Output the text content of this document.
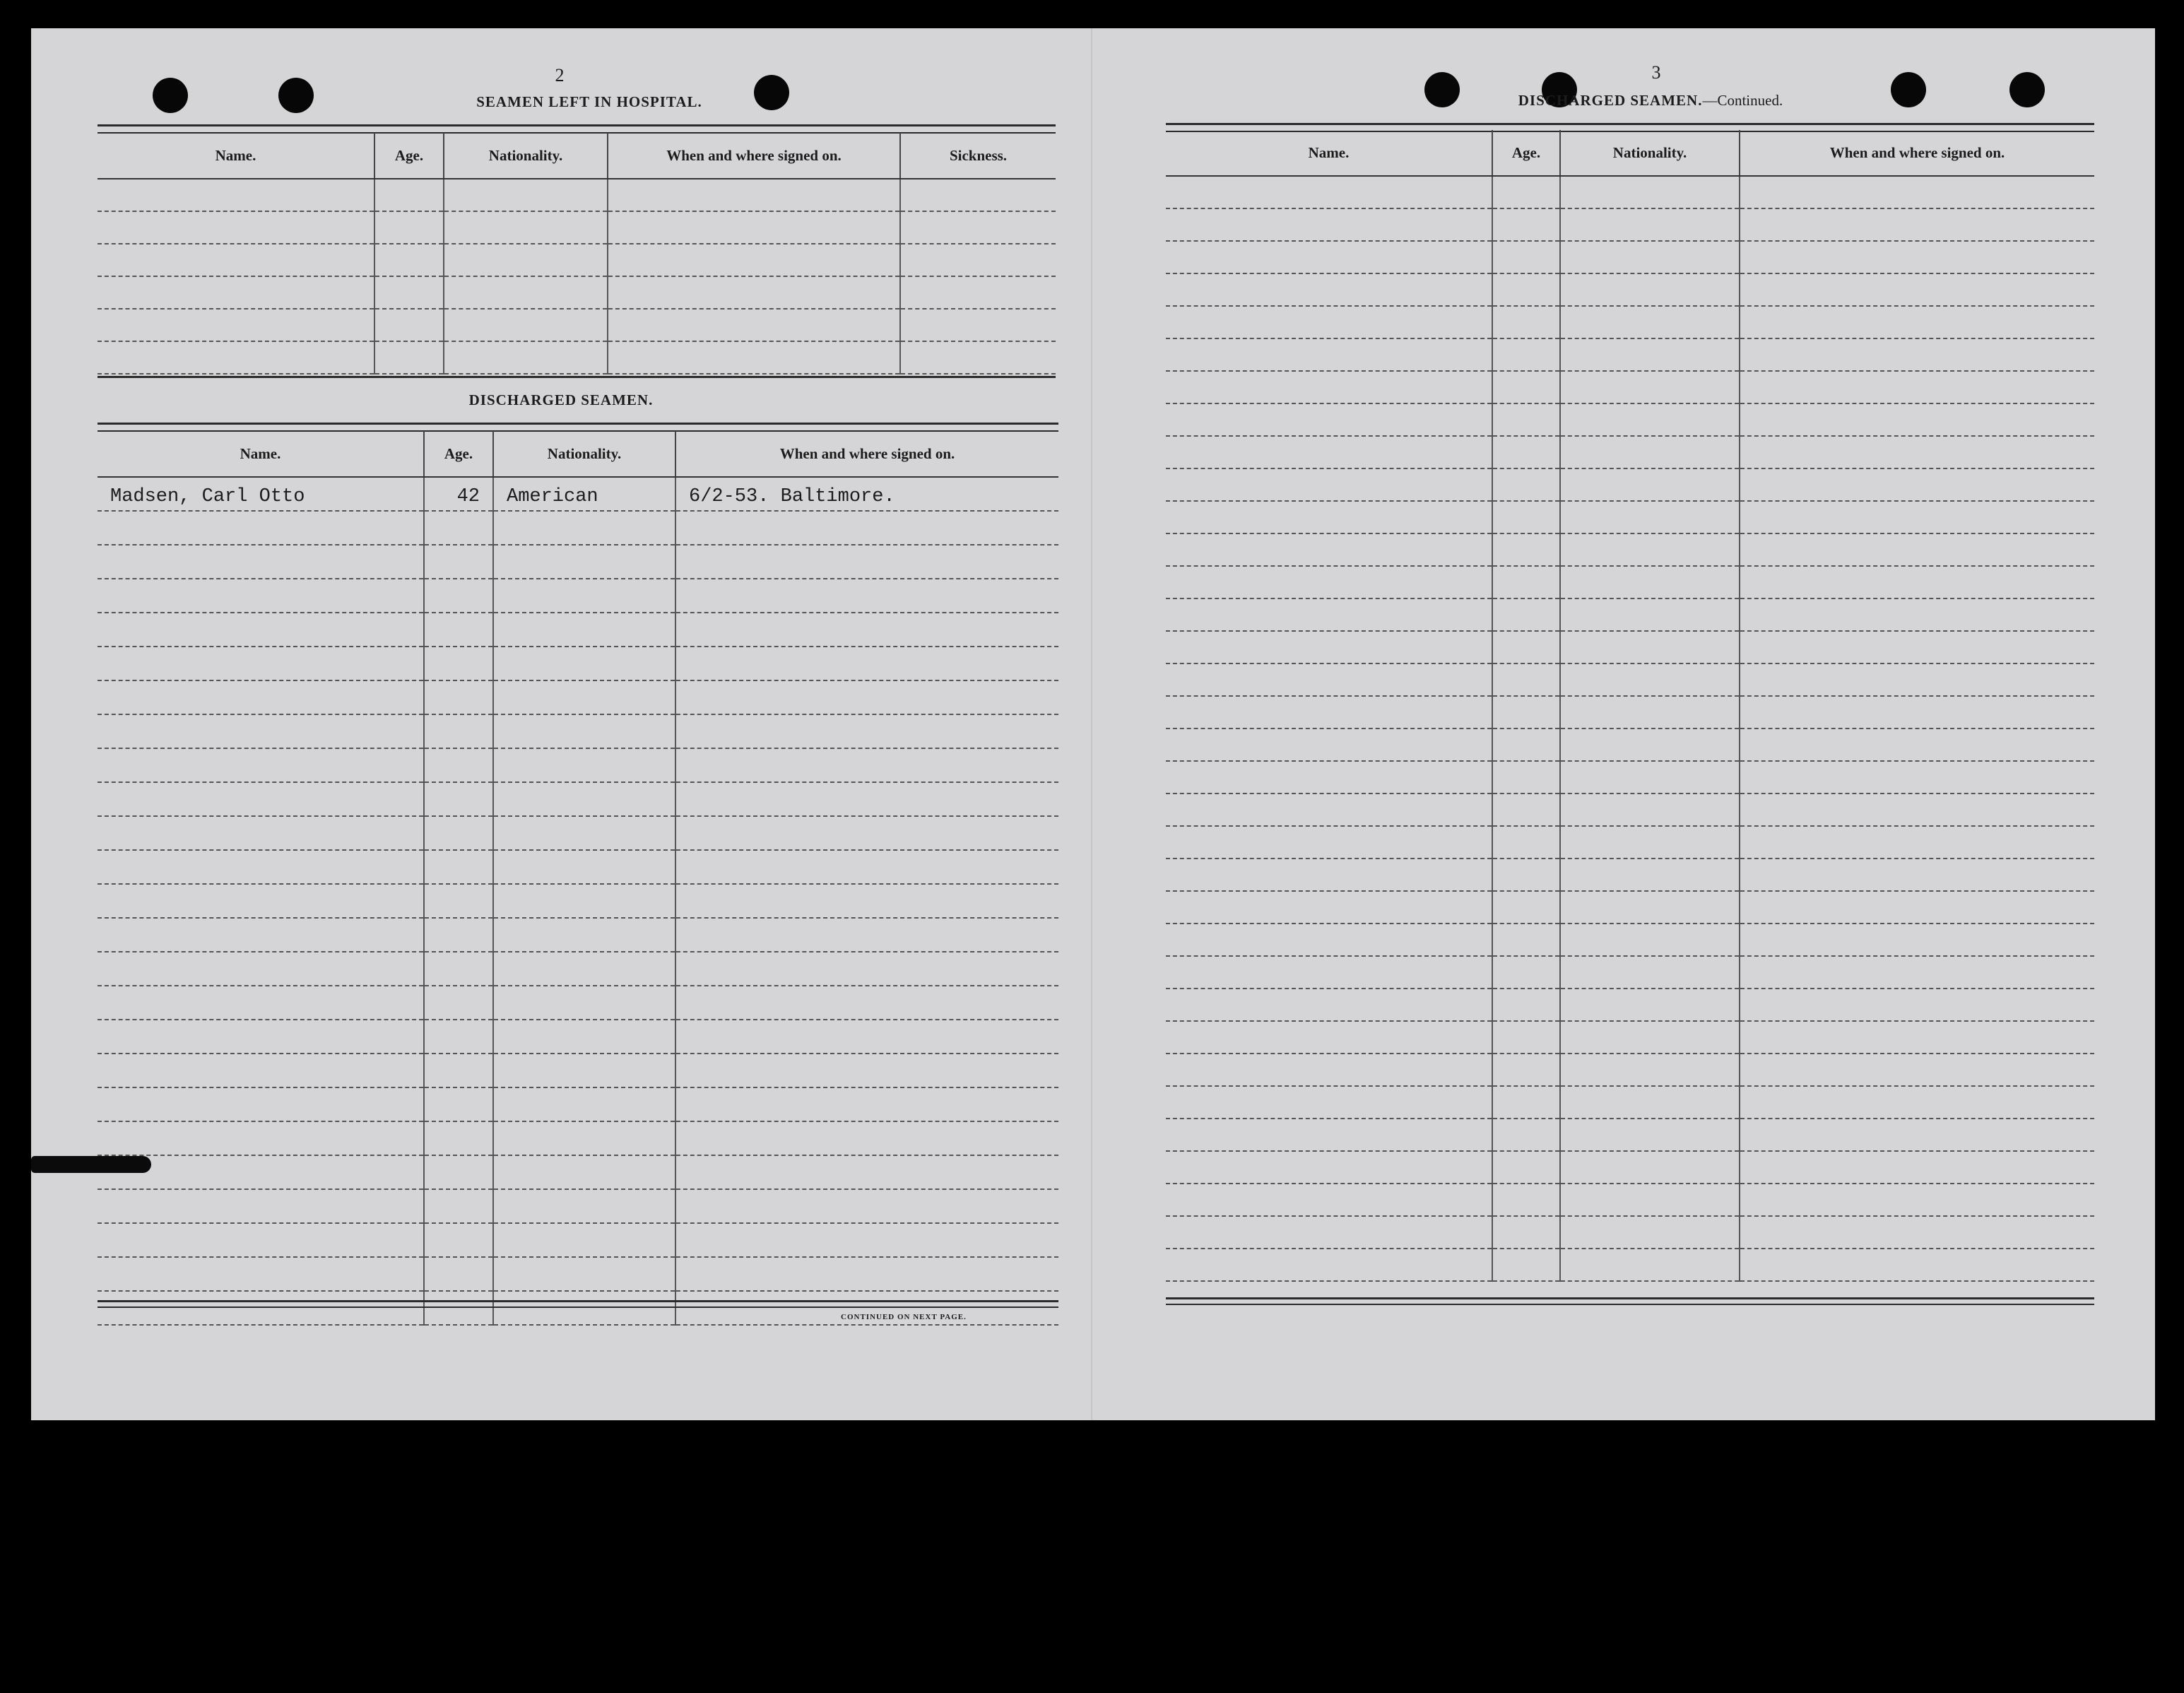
2
SEAMEN LEFT IN HOSPITAL.
Name.	Age.	Nationality.	When and where signed on.	Sickness.

DISCHARGED SEAMEN.
Name.	Age.	Nationality.	When and where signed on.
Madsen, Carl Otto	42	American	6/2-53. Baltimore.

CONTINUED ON NEXT PAGE.
3
DISCHARGED SEAMEN.—Continued.
Name.	Age.	Nationality.	When and where signed on.
